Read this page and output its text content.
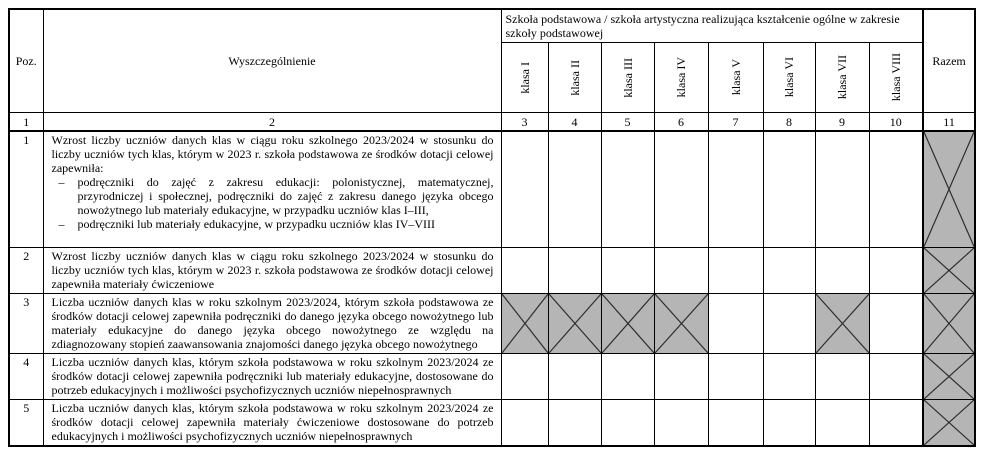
Poz.	Wyszczególnienie	Szkoła podstawowa / szkoła artystyczna realizująca kształcenie ogólne w zakresie szkoły podstawowej								Razem

		klasa I	klasa II	klasa III	klasa IV	klasa V	klasa VI	klasa VII	klasa VIII	

1	2	3	4	5	6	7	8	9	10	11
1	Wzrost liczby uczniów danych klas w ciągu roku szkolnego 2023/2024 w stosunku do liczby uczniów tych klas, którym w 2023 r. szkoła podstawowa ze środków dotacji celowej zapewniła:
– podręczniki do zajęć z zakresu edukacji: polonistycznej, matematycznej, przyrodniczej i społecznej, podręczniki do zajęć z zakresu danego języka obcego nowożytnego lub materiały edukacyjne, w przypadku uczniów klas I–III,
– podręczniki lub materiały edukacyjne, w przypadku uczniów klas IV–VIII

2	Wzrost liczby uczniów danych klas w ciągu roku szkolnego 2023/2024 w stosunku do liczby uczniów tych klas, którym w 2023 r. szkoła podstawowa ze środków dotacji celowej zapewniła materiały ćwiczeniowe									

3	Liczba uczniów danych klas w roku szkolnym 2023/2024, którym szkoła podstawowa ze środków dotacji celowej zapewniła podręczniki do danego języka obcego nowożytnego lub materiały edukacyjne do danego języka obcego nowożytnego ze względu na zdiagnozowany stopień zaawansowania znajomości danego języka obcego nowożytnego	

4	Liczba uczniów danych klas, którym szkoła podstawowa w roku szkolnym 2023/2024 ze środków dotacji celowej zapewniła podręczniki lub materiały edukacyjne, dostosowane do potrzeb edukacyjnych i możliwości psychofizycznych uczniów niepełnosprawnych									

5	Liczba uczniów danych klas, którym szkoła podstawowa w roku szkolnym 2023/2024 ze środków dotacji celowej zapewniła materiały ćwiczeniowe dostosowane do potrzeb edukacyjnych i możliwości psychofizycznych uczniów niepełnosprawnych									
